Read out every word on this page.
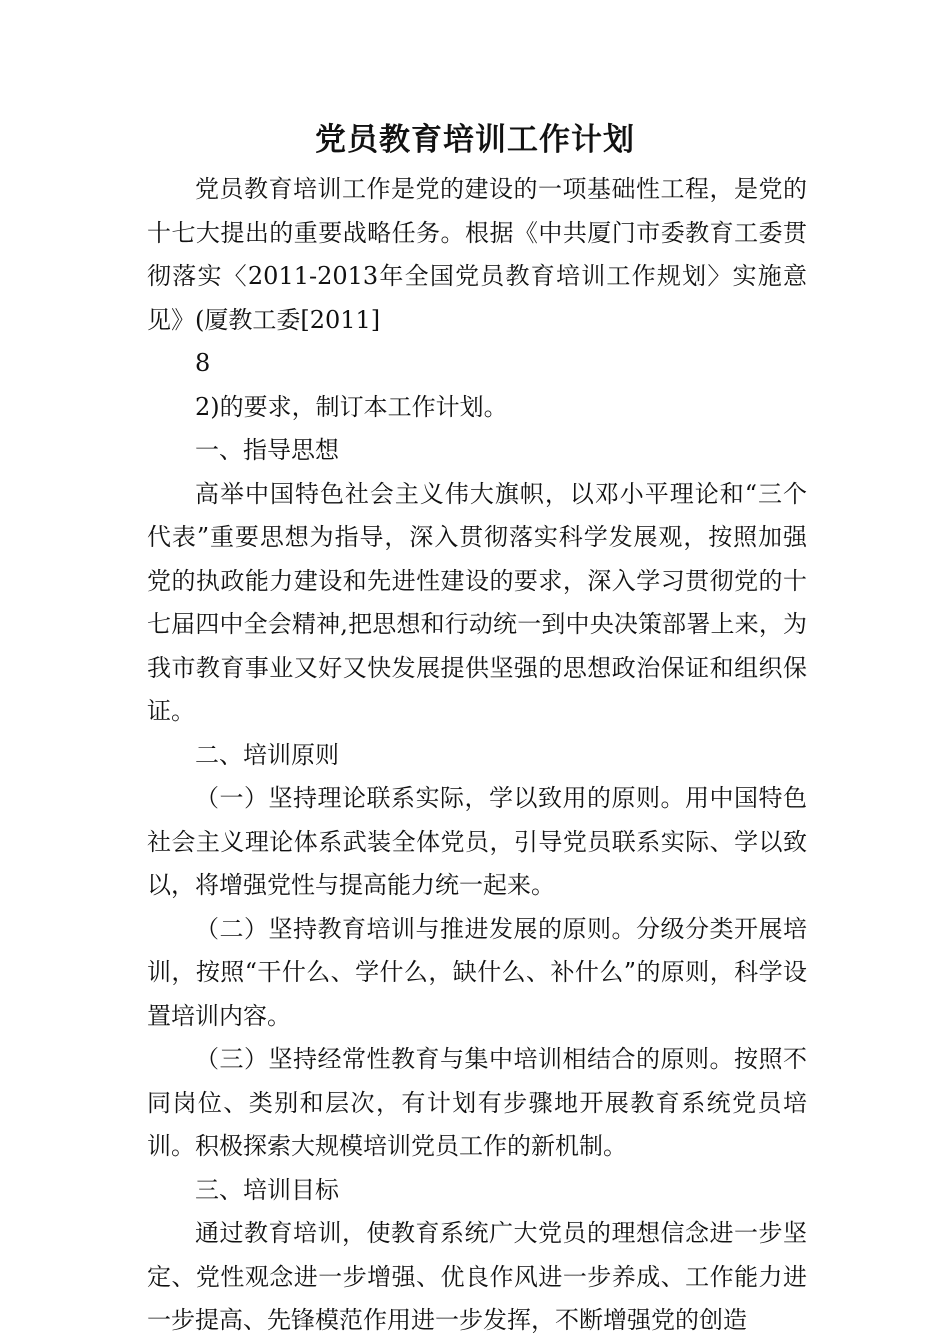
党员教育培训工作计划

党员教育培训工作是党的建设的一项基础性工程，是党的十七大提出的重要战略任务。根据《中共厦门市委教育工委贯彻落实〈2011-2013年全国党员教育培训工作规划〉实施意见》(厦教工委[2011]

8

2)的要求，制订本工作计划。

一、指导思想

高举中国特色社会主义伟大旗帜，以邓小平理论和“三个代表”重要思想为指导，深入贯彻落实科学发展观，按照加强党的执政能力建设和先进性建设的要求，深入学习贯彻党的十七届四中全会精神,把思想和行动统一到中央决策部署上来，为我市教育事业又好又快发展提供坚强的思想政治保证和组织保证。

二、培训原则

（一）坚持理论联系实际，学以致用的原则。用中国特色社会主义理论体系武装全体党员，引导党员联系实际、学以致以，将增强党性与提高能力统一起来。

（二）坚持教育培训与推进发展的原则。分级分类开展培训，按照“干什么、学什么，缺什么、补什么”的原则，科学设置培训内容。

（三）坚持经常性教育与集中培训相结合的原则。按照不同岗位、类别和层次，有计划有步骤地开展教育系统党员培训。积极探索大规模培训党员工作的新机制。

三、培训目标

通过教育培训，使教育系统广大党员的理想信念进一步坚定、党性观念进一步增强、优良作风进一步养成、工作能力进一步提高、先锋模范作用进一步发挥，不断增强党的创造
